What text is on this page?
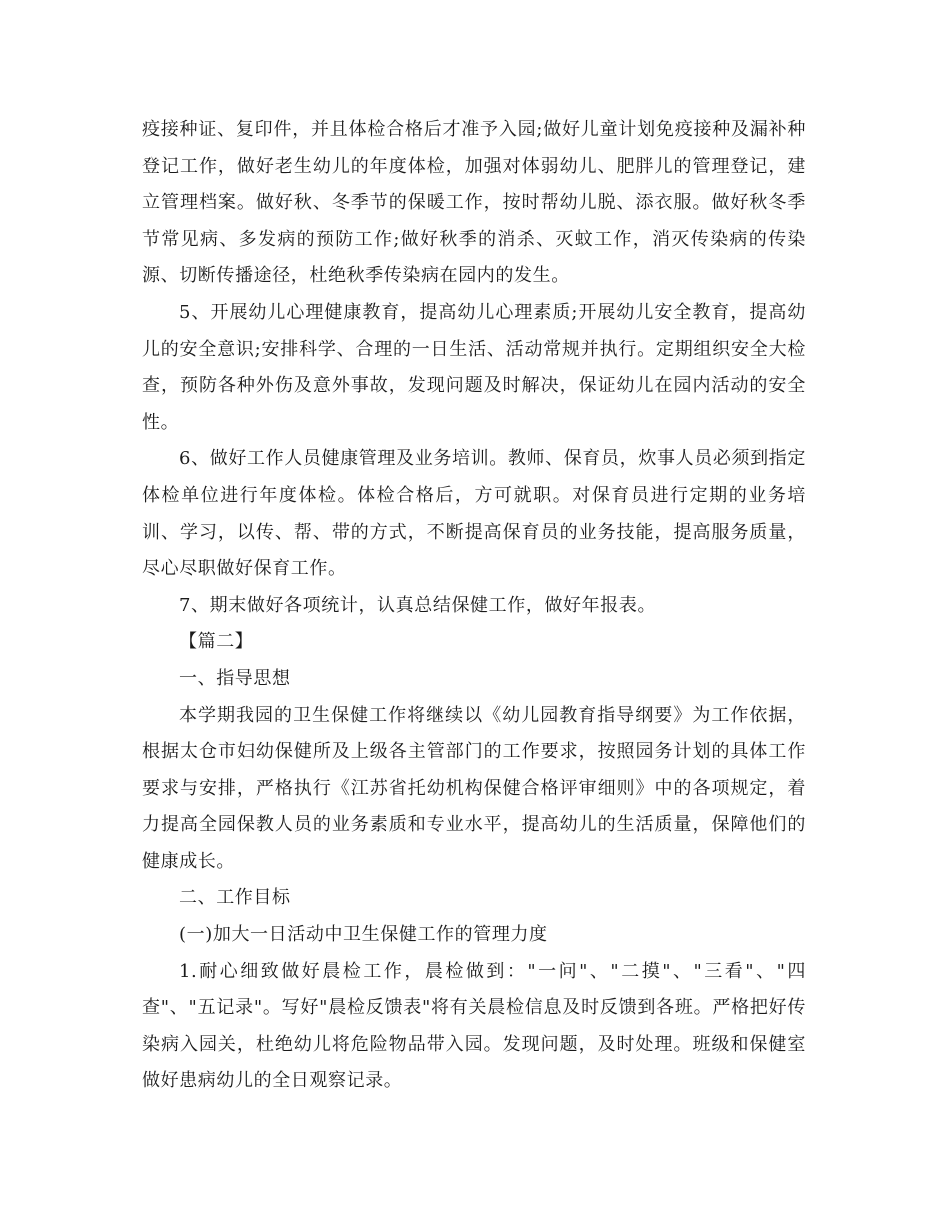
疫接种证、复印件，并且体检合格后才准予入园;做好儿童计划免疫接种及漏补种登记工作，做好老生幼儿的年度体检，加强对体弱幼儿、肥胖儿的管理登记，建立管理档案。做好秋、冬季节的保暖工作，按时帮幼儿脱、添衣服。做好秋冬季节常见病、多发病的预防工作;做好秋季的消杀、灭蚊工作，消灭传染病的传染源、切断传播途径，杜绝秋季传染病在园内的发生。

5、开展幼儿心理健康教育，提高幼儿心理素质;开展幼儿安全教育，提高幼儿的安全意识;安排科学、合理的一日生活、活动常规并执行。定期组织安全大检查，预防各种外伤及意外事故，发现问题及时解决，保证幼儿在园内活动的安全性。

6、做好工作人员健康管理及业务培训。教师、保育员，炊事人员必须到指定体检单位进行年度体检。体检合格后，方可就职。对保育员进行定期的业务培训、学习，以传、帮、带的方式，不断提高保育员的业务技能，提高服务质量，尽心尽职做好保育工作。

7、期末做好各项统计，认真总结保健工作，做好年报表。

【篇二】

一、指导思想

本学期我园的卫生保健工作将继续以《幼儿园教育指导纲要》为工作依据，根据太仓市妇幼保健所及上级各主管部门的工作要求，按照园务计划的具体工作要求与安排，严格执行《江苏省托幼机构保健合格评审细则》中的各项规定，着力提高全园保教人员的业务素质和专业水平，提高幼儿的生活质量，保障他们的健康成长。

二、工作目标

(一)加大一日活动中卫生保健工作的管理力度

1.耐心细致做好晨检工作，晨检做到："一问"、"二摸"、"三看"、"四查"、"五记录"。写好"晨检反馈表"将有关晨检信息及时反馈到各班。严格把好传染病入园关，杜绝幼儿将危险物品带入园。发现问题，及时处理。班级和保健室做好患病幼儿的全日观察记录。
